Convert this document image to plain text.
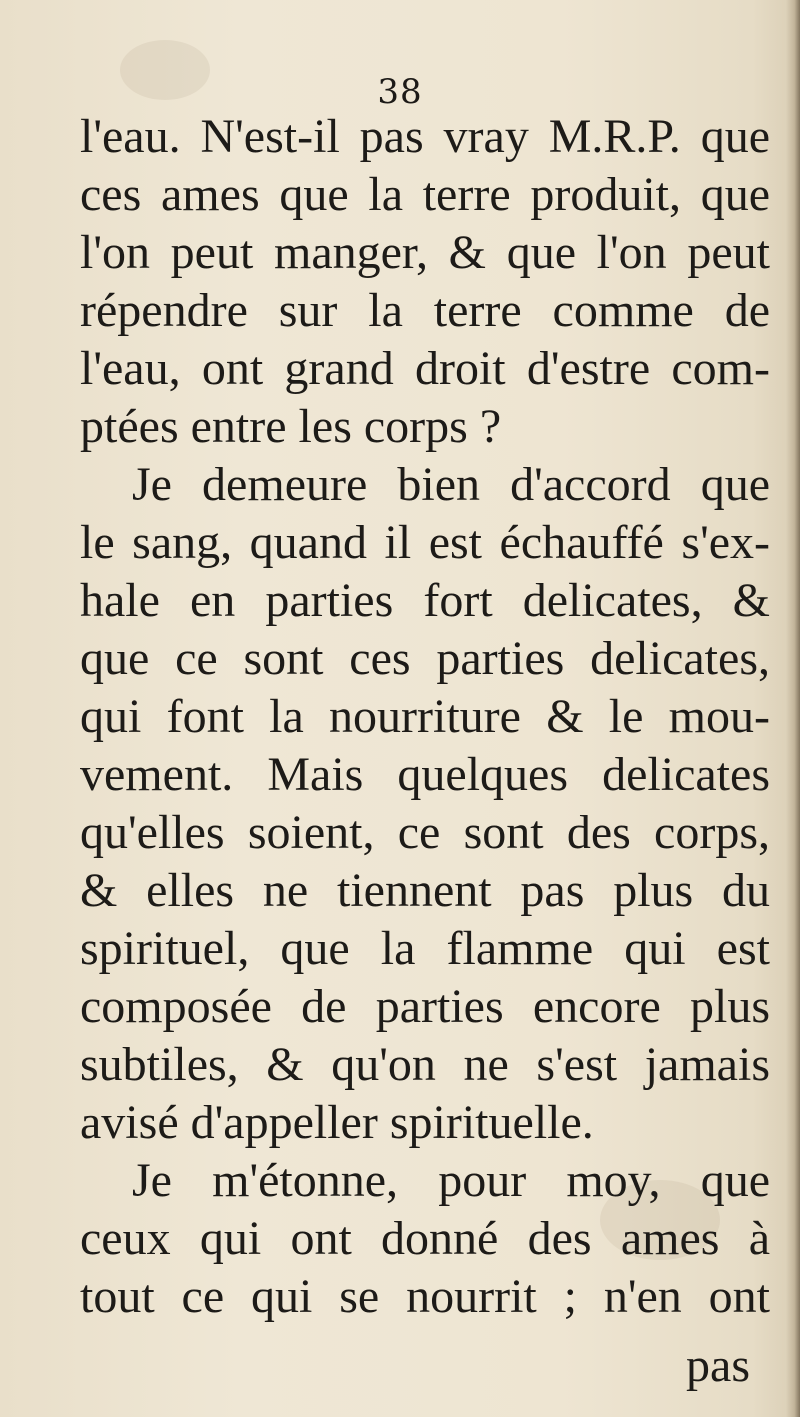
38
l'eau. N'est-il pas vray M.R.P. que
ces ames que la terre produit, que
l'on peut manger, & que l'on peut
répendre sur la terre comme de
l'eau, ont grand droit d'estre com-
ptées entre les corps ?
Je demeure bien d'accord que
le sang, quand il est échauffé s'ex-
hale en parties fort delicates, &
que ce sont ces parties delicates,
qui font la nourriture & le mou-
vement. Mais quelques delicates
qu'elles soient, ce sont des corps,
& elles ne tiennent pas plus du
spirituel, que la flamme qui est
composée de parties encore plus
subtiles, & qu'on ne s'est jamais
avisé d'appeller spirituelle.
Je m'étonne, pour moy, que
ceux qui ont donné des ames à
tout ce qui se nourrit ; n'en ont
pas
